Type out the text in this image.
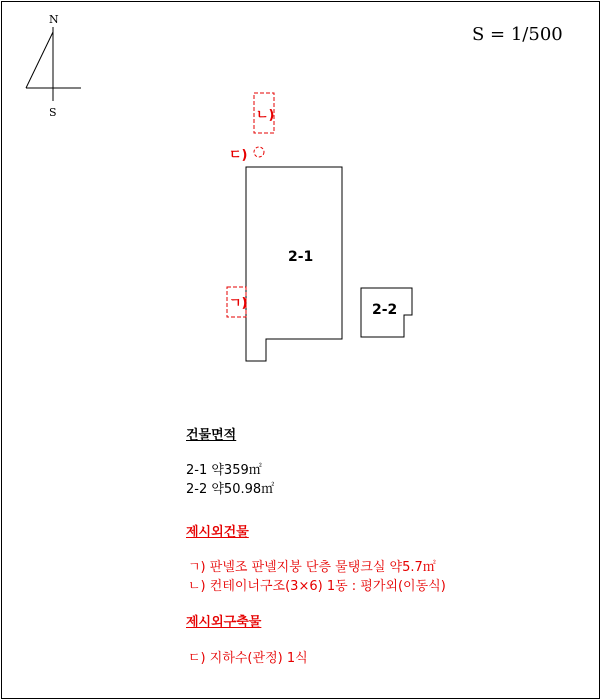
S = 1/500
N
S
2-1
2-2
ㄴ)
ㄱ)
ㄷ)
건물면적
2-1 약359㎡
2-2 약50.98㎡
제시외건물
ㄱ) 판넬조 판넬지붕 단층 물탱크실 약5.7㎡
ㄴ) 컨테이너구조(3×6) 1동 : 평가외(이동식)
제시외구축물
ㄷ) 지하수(관정) 1식
